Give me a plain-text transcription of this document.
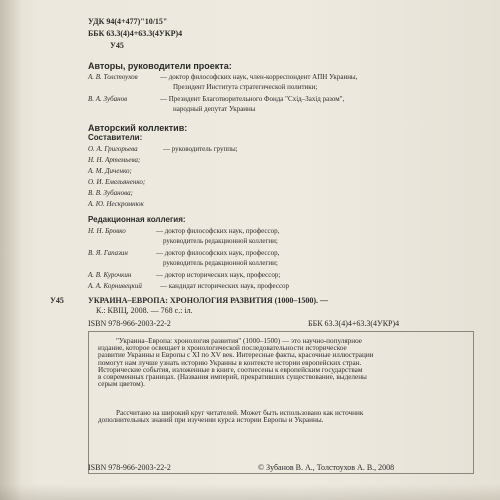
УДК 94(4+477)"10/15"
ББК 63.3(4)4+63.3(4УКР)4
У45
Авторы, руководители проекта:
А. В. Толстоухов	— доктор философских наук, член-корреспондент АПН Украины,
Президент Института стратегической политики;
В. А. Зубанов	— Президент Благотворительного Фонда "Схід–Захід разом",
народный депутат Украины
Авторский коллектив:
Составители:
О. А. Григорьева	— руководитель группы;
Н. Н. Артемьева;
А. М. Диченко;
О. И. Емельяненко;
В. В. Зубанова;
А. Ю. Нескромнюк
Редакционная коллегия:
Н. Н. Бровко	— доктор философских наук, профессор,
руководитель редакционной коллегии;
В. Я. Гапазин	— доктор философских наук, профессор,
руководитель редакционной коллегии;
А. В. Курочкин	— доктор исторических наук, профессор;
А. А. Корнивецкий	— кандидат исторических наук, профессор
У45	УКРАИНА–ЕВРОПА: ХРОНОЛОГИЯ РАЗВИТИЯ (1000–1500). —
К.: КВІЦ, 2008. — 768 с.: іл.
ISBN 978-966-2003-22-2	ББК 63.3(4)4+63.3(4УКР)4
"Украина–Европа: хронология развития" (1000–1500) — это научно-популярное
издание, которое освещает в хронологической последовательности историческое
развитие Украины и Европы с XI по XV век. Интересные факты, красочные иллюстрации
помогут нам лучше узнать историю Украины в контексте истории европейских стран.
Исторические события, изложенные в книге, соотнесены к европейским государствам
в современных границах. (Названия империй, прекративших существование, выделены
серым цветом).
Рассчитано на широкий круг читателей. Может быть использовано как источник
дополнительных знаний при изучении курса истории Европы и Украины.
ISBN 978-966-2003-22-2	© Зубанов В. А., Толстоухов А. В., 2008
